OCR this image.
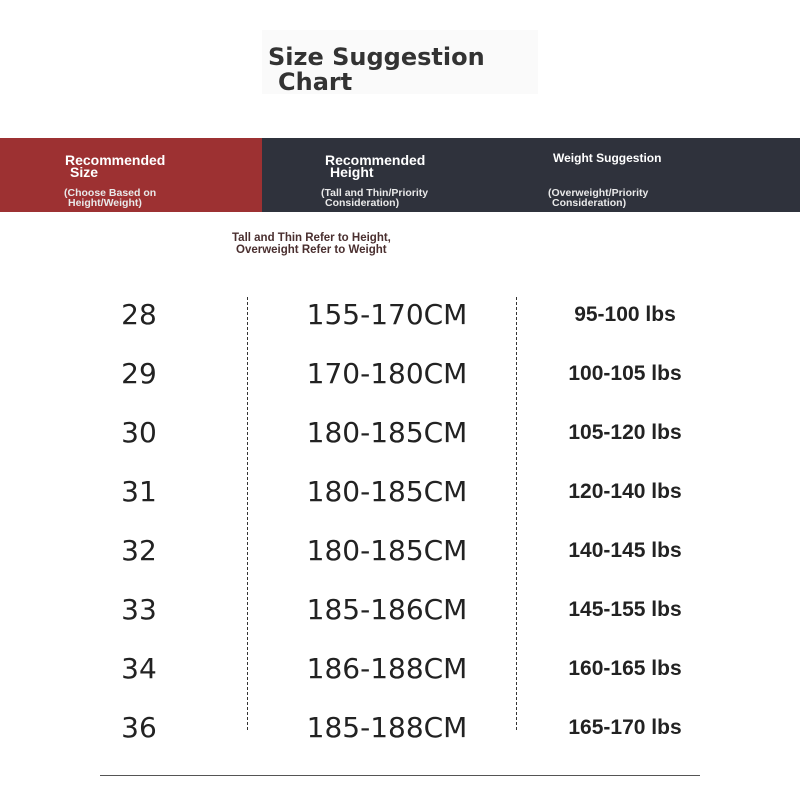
Size Suggestion
Chart
Recommended
Size
(Choose Based on
Height/Weight)
Recommended
Height
(Tall and Thin/Priority
Consideration)
Weight Suggestion
(Overweight/Priority
Consideration)
Tall and Thin Refer to Height,
Overweight Refer to Weight
28	155-170CM	95-100 lbs
29	170-180CM	100-105 lbs
30	180-185CM	105-120 lbs
31	180-185CM	120-140 lbs
32	180-185CM	140-145 lbs
33	185-186CM	145-155 lbs
34	186-188CM	160-165 lbs
36	185-188CM	165-170 lbs
